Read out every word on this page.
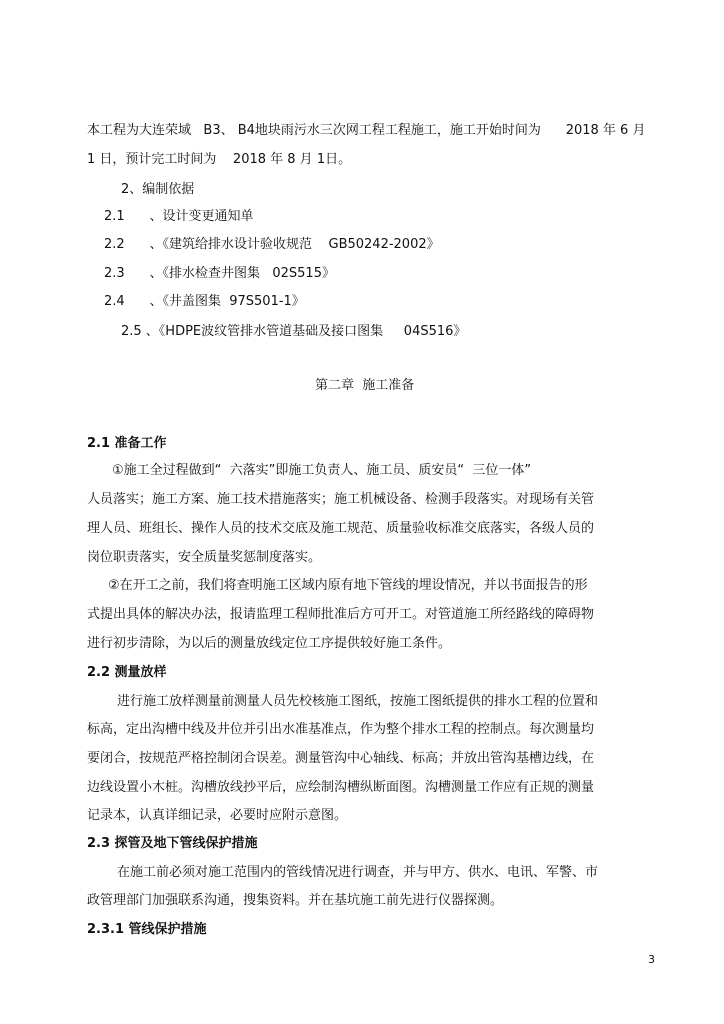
本工程为大连荣域   B3、 B4地块雨污水三次网工程工程施工，施工开始时间为      2018 年 6 月
1 日，预计完工时间为    2018 年 8 月 1日。
2、编制依据
2.1      、设计变更通知单
2.2      、《建筑给排水设计验收规范    GB50242-2002》
2.3      、《排水检查井图集   02S515》
2.4      、《井盖图集  97S501-1》
2.5 、《HDPE波纹管排水管道基础及接口图集     04S516》
第二章  施工准备
2.1 准备工作
①施工全过程做到“  六落实”即施工负责人、施工员、质安员“  三位一体”
人员落实；施工方案、施工技术措施落实；施工机械设备、检测手段落实。对现场有关管
理人员、班组长、操作人员的技术交底及施工规范、质量验收标准交底落实，各级人员的
岗位职责落实，安全质量奖惩制度落实。
②在开工之前，我们将查明施工区域内原有地下管线的埋设情况，并以书面报告的形
式提出具体的解决办法，报请监理工程师批准后方可开工。对管道施工所经路线的障碍物
进行初步清除，为以后的测量放线定位工序提供较好施工条件。
2.2 测量放样
进行施工放样测量前测量人员先校核施工图纸，按施工图纸提供的排水工程的位置和
标高，定出沟槽中线及井位并引出水准基准点，作为整个排水工程的控制点。每次测量均
要闭合，按规范严格控制闭合误差。测量管沟中心轴线、标高；并放出管沟基槽边线，在
边线设置小木桩。沟槽放线抄平后，应绘制沟槽纵断面图。沟槽测量工作应有正规的测量
记录本，认真详细记录，必要时应附示意图。
2.3 探管及地下管线保护措施
在施工前必须对施工范围内的管线情况进行调查，并与甲方、供水、电讯、军警、市
政管理部门加强联系沟通，搜集资料。并在基坑施工前先进行仪器探测。
2.3.1 管线保护措施
3
